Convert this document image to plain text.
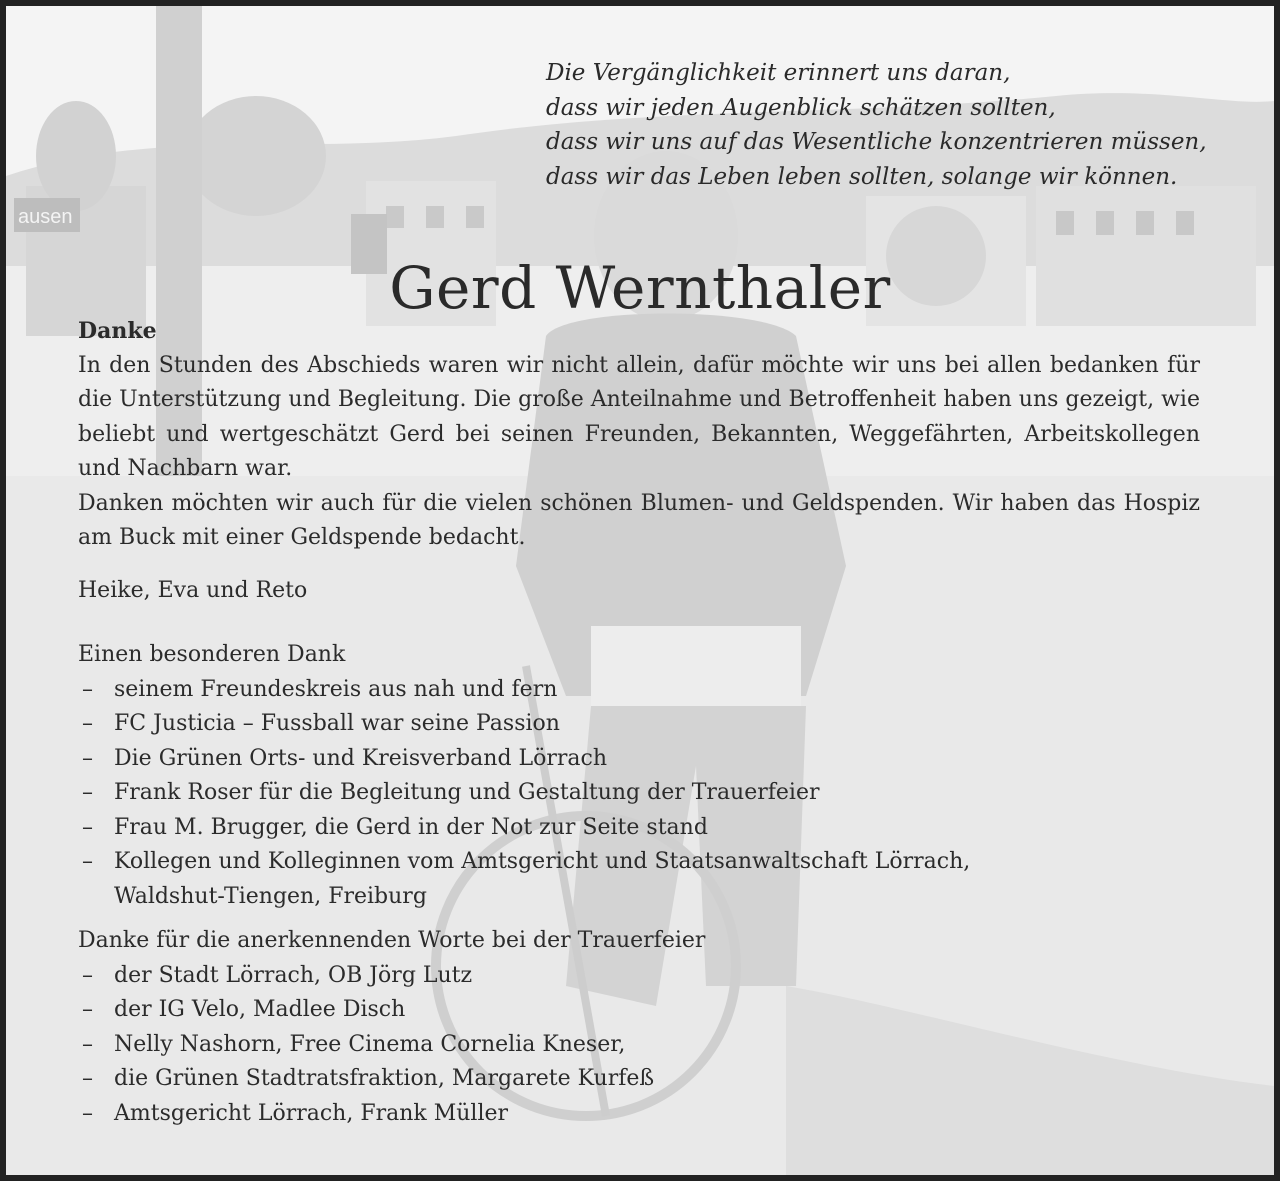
ausen
Die Vergänglichkeit erinnert uns daran,
dass wir jeden Augenblick schätzen sollten,
dass wir uns auf das Wesentliche konzentrieren müssen,
dass wir das Leben leben sollten, solange wir können.
Gerd Wernthaler
Danke

In den Stunden des Abschieds waren wir nicht allein, dafür möchte wir uns bei allen bedanken für die Unterstützung und Begleitung. Die große Anteilnahme und Betroffenheit haben uns gezeigt, wie beliebt und wertgeschätzt Gerd bei seinen Freunden, Bekannten, Weggefährten, Arbeitskollegen und Nachbarn war.

Danken möchten wir auch für die vielen schönen Blumen- und Geldspenden. Wir haben das Hospiz am Buck mit einer Geldspende bedacht.

Heike, Eva und Reto
Einen besonderen Dank
– seinem Freundeskreis aus nah und fern
– FC Justicia – Fussball war seine Passion
– Die Grünen Orts- und Kreisverband Lörrach
– Frank Roser für die Begleitung und Gestaltung der Trauerfeier
– Frau M. Brugger, die Gerd in der Not zur Seite stand
– Kollegen und Kolleginnen vom Amtsgericht und Staatsanwaltschaft Lörrach, Waldshut-Tiengen, Freiburg
Danke für die anerkennenden Worte bei der Trauerfeier
– der Stadt Lörrach, OB Jörg Lutz
– der IG Velo, Madlee Disch
– Nelly Nashorn, Free Cinema Cornelia Kneser,
– die Grünen Stadtratsfraktion, Margarete Kurfeß
– Amtsgericht Lörrach, Frank Müller
